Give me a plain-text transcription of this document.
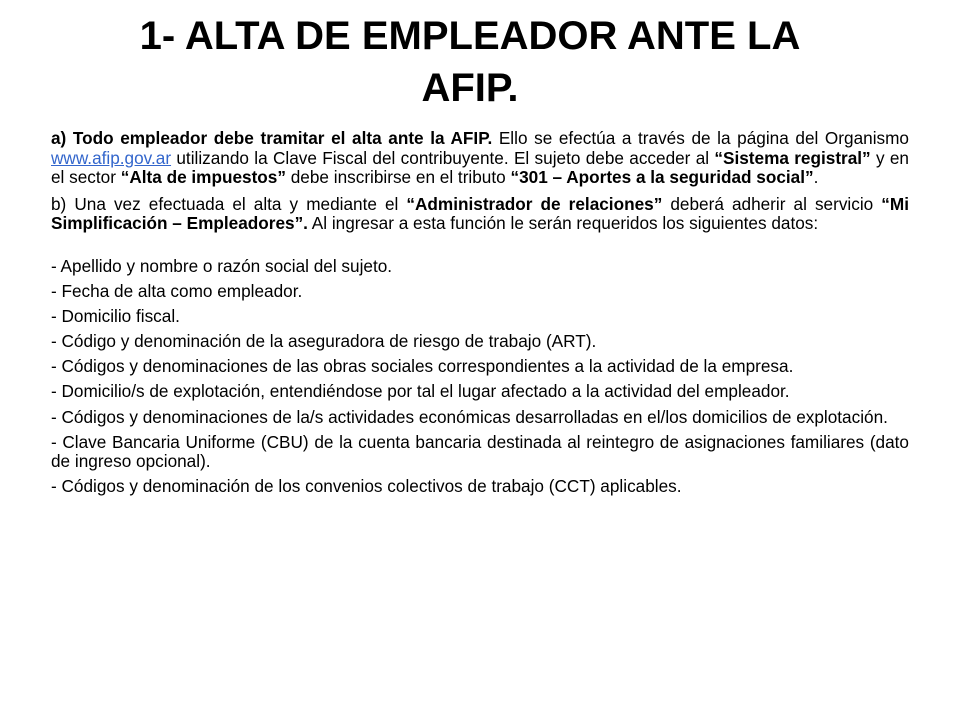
1- ALTA DE EMPLEADOR ANTE LA
AFIP.

a) Todo empleador debe tramitar el alta ante la AFIP. Ello se efectúa a través de la página del Organismo www.afip.gov.ar utilizando la Clave Fiscal del contribuyente. El sujeto debe acceder al “Sistema registral” y en el sector “Alta de impuestos” debe inscribirse en el tributo “301 – Aportes a la seguridad social”.

b) Una vez efectuada el alta y mediante el “Administrador de relaciones” deberá adherir al servicio “Mi Simplificación – Empleadores”. Al ingresar a esta función le serán requeridos los siguientes datos:

- Apellido y nombre o razón social del sujeto.

- Fecha de alta como empleador.

- Domicilio fiscal.

- Código y denominación de la aseguradora de riesgo de trabajo (ART).

- Códigos y denominaciones de las obras sociales correspondientes a la actividad de la empresa.

- Domicilio/s de explotación, entendiéndose por tal el lugar afectado a la actividad del empleador.

- Códigos y denominaciones de la/s actividades económicas desarrolladas en el/los domicilios de explotación.

- Clave Bancaria Uniforme (CBU) de la cuenta bancaria destinada al reintegro de asignaciones familiares (dato de ingreso opcional).

- Códigos y denominación de los convenios colectivos de trabajo (CCT) aplicables.
